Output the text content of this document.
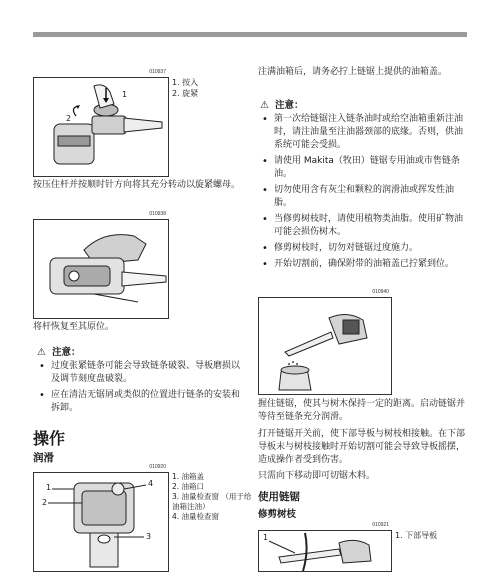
010937
1
2
1. 按入
2. 旋紧
按压住杆并按顺时针方向将其充分转动以旋紧螺母。
010938
将杆恢复至其原位。
⚠ 注意：
• 过度张紧链条可能会导致链条破裂、导板磨损以及调节刻度盘破裂。
• 应在清洁无锯屑或类似的位置进行链条的安装和拆卸。
操作
润滑
010920
1
2
3
4
1. 油箱盖
2. 油箱口
3. 油量检查窗 （用于给油箱注油）
4. 油量检查窗
注满油箱后，请务必拧上链锯上提供的油箱盖。
⚠ 注意：
• 第一次给链锯注入链条油时或给空油箱重新注油时，请注油量至注油器颈部的底缘。否则，供油系统可能会受损。
• 请使用 Makita（牧田）链锯专用油或市售链条油。
• 切勿使用含有灰尘和颗粒的润滑油或挥发性油脂。
• 当修剪树枝时，请使用植物类油脂。使用矿物油可能会损伤树木。
• 修剪树枝时，切勿对链锯过度施力。
• 开始切割前，确保附带的油箱盖已拧紧到位。
010940
握住链锯，使其与树木保持一定的距离。启动链锯并等待至链条充分润滑。
打开链锯开关前，使下部导板与树枝相接触。在下部导板末与树枝接触时开始切割可能会导致导板摇摆，造成操作者受到伤害。
只需向下移动即可切锯木料。
使用链锯
修剪树枝
010921
1	1. 下部导板
